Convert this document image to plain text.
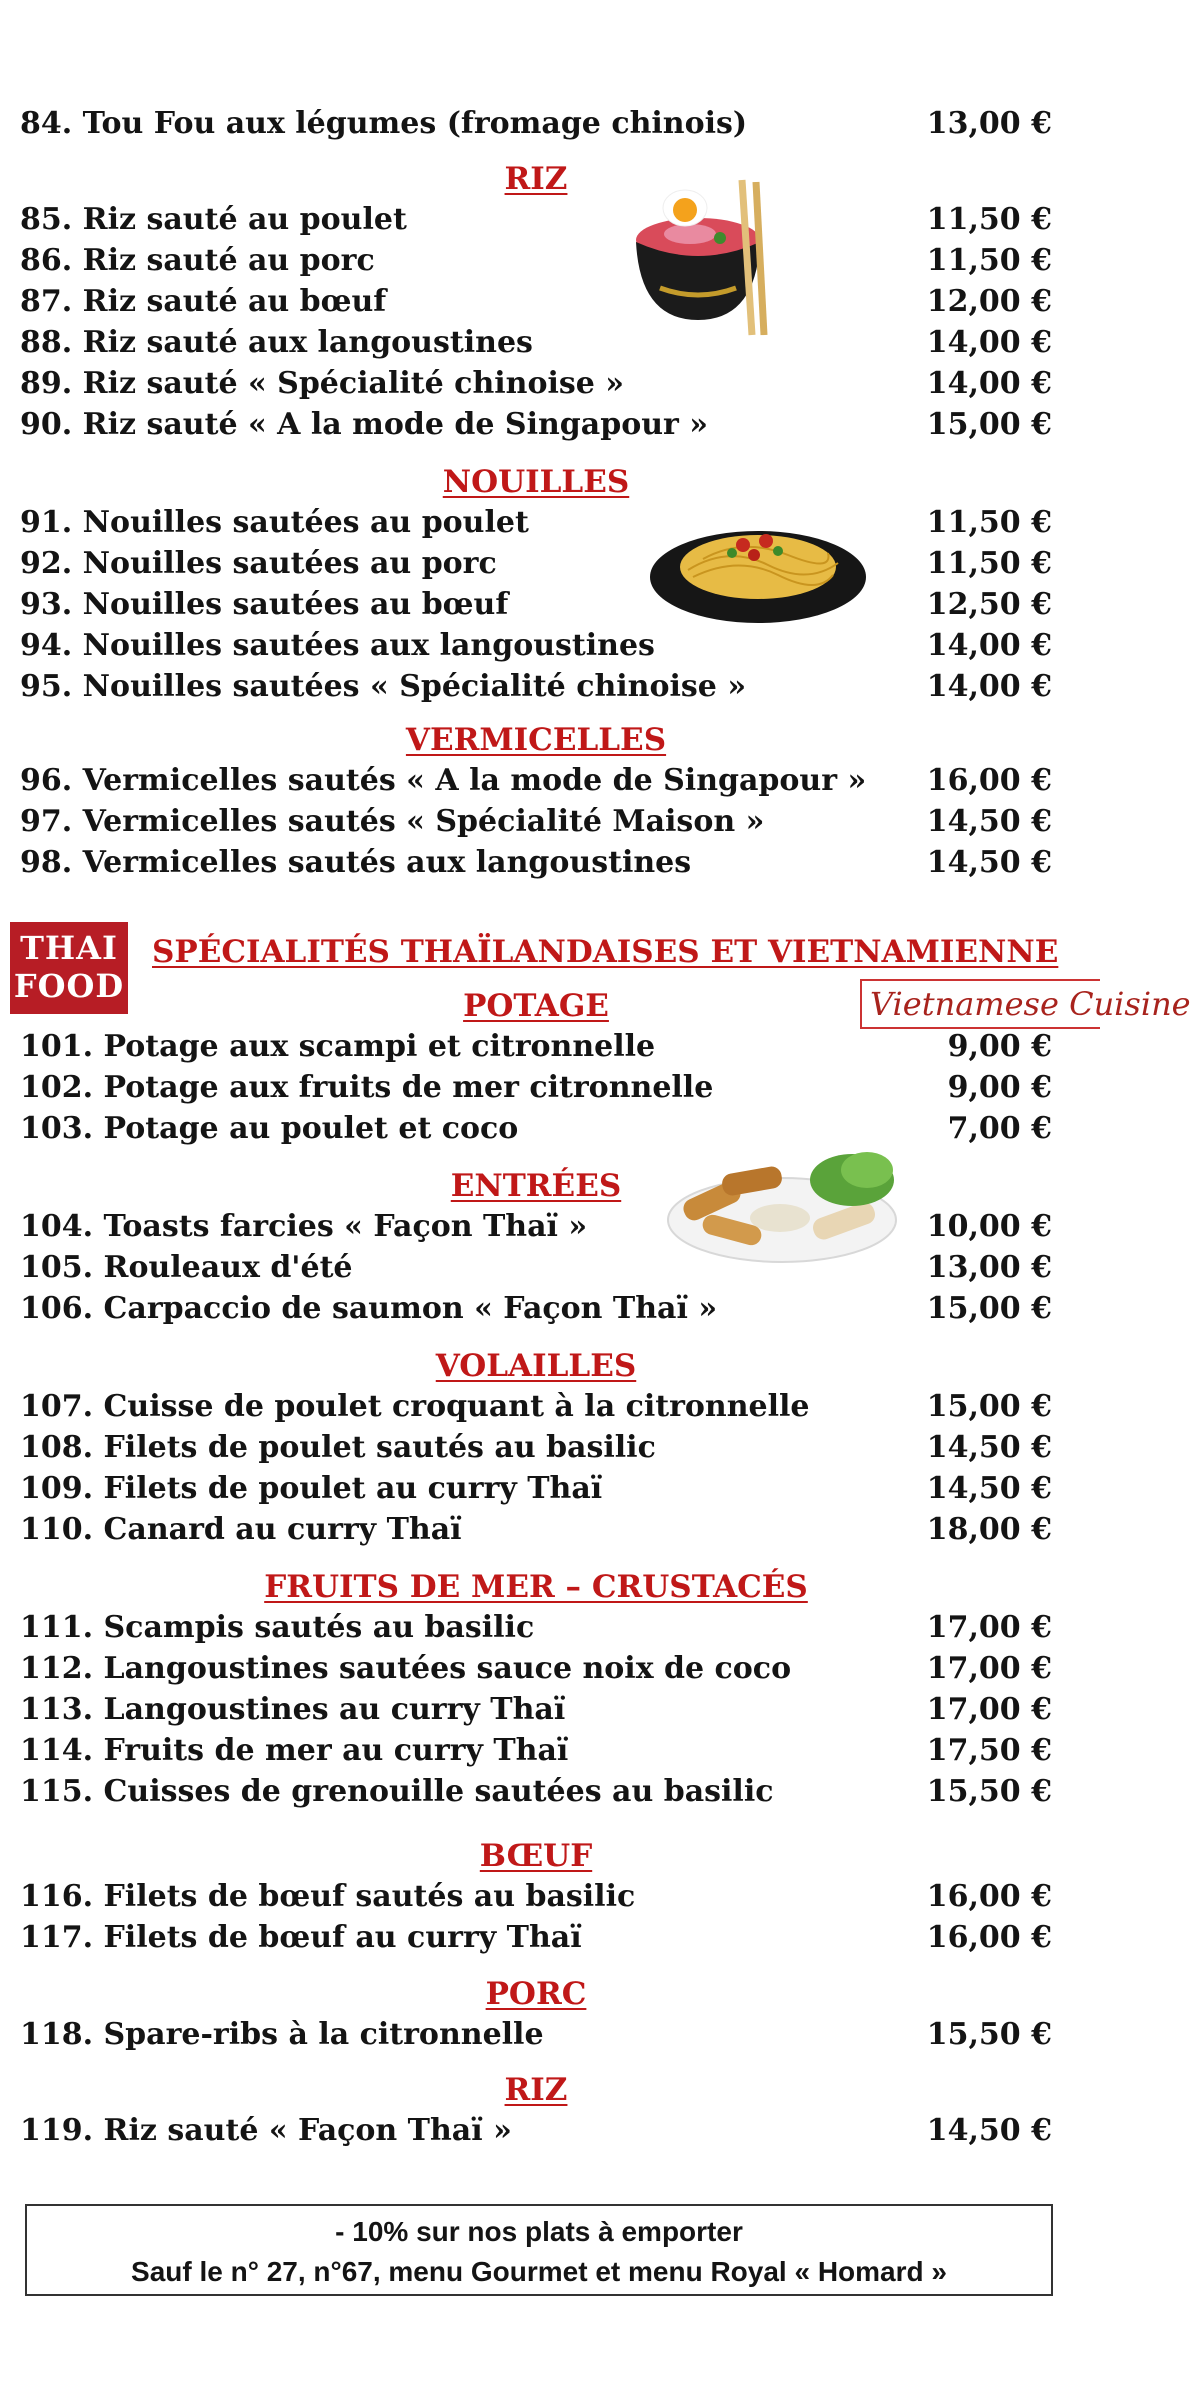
84. Tou Fou aux légumes (fromage chinois)	13,00 €
RIZ
85. Riz sauté au poulet	11,50 €
86. Riz sauté au porc	11,50 €
87. Riz sauté au bœuf	12,00 €
88. Riz sauté aux langoustines	14,00 €
89. Riz sauté « Spécialité chinoise »	14,00 €
90. Riz sauté « A la mode de Singapour »	15,00 €
NOUILLES
91. Nouilles sautées au poulet	11,50 €
92. Nouilles sautées au porc	11,50 €
93. Nouilles sautées au bœuf	12,50 €
94. Nouilles sautées aux langoustines	14,00 €
95. Nouilles sautées « Spécialité chinoise »	14,00 €
VERMICELLES
96. Vermicelles sautés « A la mode de Singapour » 16,00 €
97. Vermicelles sautés « Spécialité Maison »	14,50 €
98. Vermicelles sautés aux langoustines	14,50 €
THAI
FOOD
SPÉCIALITÉS THAÏLANDAISES ET VIETNAMIENNE
Vietnamese Cuisine
POTAGE
101. Potage aux scampi et citronnelle	9,00 €
102. Potage aux fruits de mer citronnelle	9,00 €
103. Potage au poulet et coco	7,00 €
ENTRÉES
104. Toasts farcies « Façon Thaï »	10,00 €
105. Rouleaux d'été	13,00 €
106. Carpaccio de saumon « Façon Thaï »	15,00 €
VOLAILLES
107. Cuisse de poulet croquant à la citronnelle	15,00 €
108. Filets de poulet sautés au basilic	14,50 €
109. Filets de poulet au curry Thaï	14,50 €
110. Canard au curry Thaï	18,00 €
FRUITS DE MER – CRUSTACÉS
111. Scampis sautés au basilic	17,00 €
112. Langoustines sautées sauce noix de coco	17,00 €
113. Langoustines au curry Thaï	17,00 €
114. Fruits de mer au curry Thaï	17,50 €
115. Cuisses de grenouille sautées au basilic	15,50 €
BŒUF
116. Filets de bœuf sautés au basilic	16,00 €
117. Filets de bœuf au curry Thaï	16,00 €
PORC
118. Spare-ribs à la citronnelle	15,50 €
RIZ
119. Riz sauté « Façon Thaï »	14,50 €
- 10% sur nos plats à emporter
Sauf le n° 27, n°67, menu Gourmet et menu Royal « Homard »
